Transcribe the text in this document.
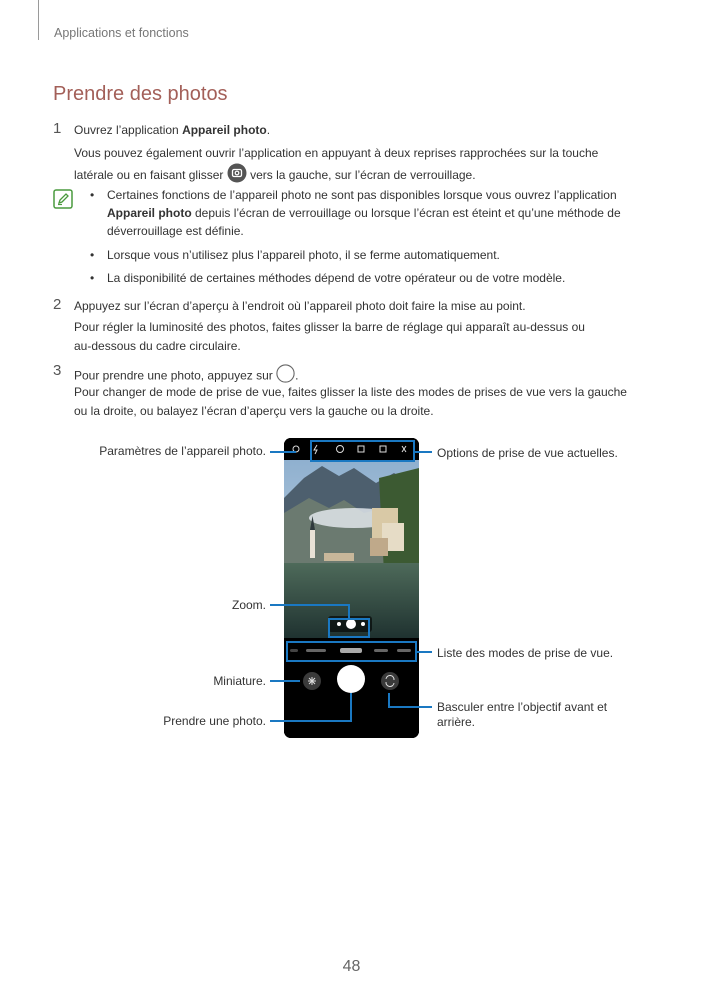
Applications et fonctions
Prendre des photos
1 Ouvrez l’application Appareil photo.
Vous pouvez également ouvrir l’application en appuyant à deux reprises rapprochées sur la touche
latérale ou en faisant glisser  vers la gauche, sur l’écran de verrouillage.
• Certaines fonctions de l’appareil photo ne sont pas disponibles lorsque vous ouvrez l’application
Appareil photo depuis l’écran de verrouillage ou lorsque l’écran est éteint et qu’une méthode de
déverrouillage est définie.
• Lorsque vous n’utilisez plus l’appareil photo, il se ferme automatiquement.
• La disponibilité de certaines méthodes dépend de votre opérateur ou de votre modèle.
2 Appuyez sur l’écran d’aperçu à l’endroit où l’appareil photo doit faire la mise au point.
Pour régler la luminosité des photos, faites glisser la barre de réglage qui apparaît au-dessus ou
au-dessous du cadre circulaire.
3 Pour prendre une photo, appuyez sur .
Pour changer de mode de prise de vue, faites glisser la liste des modes de prises de vue vers la gauche
ou la droite, ou balayez l’écran d’aperçu vers la gauche ou la droite.
Paramètres de l’appareil photo.	Options de prise de vue actuelles.
Zoom.
Liste des modes de prise de vue.
Miniature.
Basculer entre l’objectif avant et
arrière.
Prendre une photo.
48
